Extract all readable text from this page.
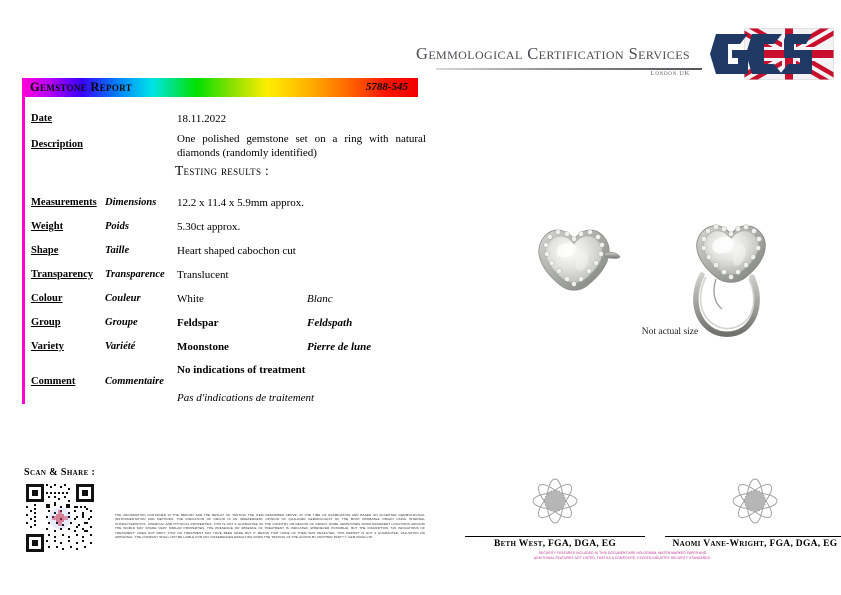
Gemmological Certification Services
London UK
Gemstone Report	5788-545
Date	18.11.2022
Description	One polished gemstone set on a ring with natural diamonds (randomly identified)
Testing results :
Measurements Dimensions 12.2 x 11.4 x 5.9mm approx.
Weight	Poids	5.30ct approx.
Shape	Taille	Heart shaped cabochon cut
Transparency Transparence Translucent
Colour	Couleur	White	Blanc
Group	Groupe	Feldspar	Feldspath
Variety	Variété	Moonstone	Pierre de lune
Comment	Commentaire
No indications of treatment
Pas d'indications de traitement
Not actual size
Scan & Share :
THE INFORMATION CONTAINED IN THE REPORT ARE THE RESULT OF TESTING THE ITEM DESCRIBED ABOVE, AT THE TIME OF EXAMINATION AND BASED ON ACCEPTED GEMMOLOGICAL INSTRUMENTATION AND METHODS. THE INDICATION OF ORIGIN IS AN INDEPENDENT OPINION OF QUALIFIED GEMMOLOGIST OF THE MOST PROBABLE ORIGIN USING INTERNAL CHARACTERISTICS, CHEMICAL AND PHYSICAL PROPERTIES. THIS IS NOT A GUARANTEE OF THE COUNTRY OR REGION OF ORIGIN. SOME GEMSTONES FROM DIFFERENT LOCATIONS AROUND THE WORLD MAY SHARE VERY SIMILAR PROPERTIES. THE PRESENCE OR ABSENCE OF TREATMENT IS INDICATED (WHENEVER POSSIBLE), BUT THE INSCRIPTION "NO INDICATIONS OF TREATMENT" DOES NOT IMPLY THAT NO TREATMENT MAY HAVE BEEN MADE BUT IT MEANS THAT NONE OF THEM WAS DETECTED. THIS REPORT IS NOT A GUARANTEE, VALUATION OR APPRAISAL. THE COMPANY SHALL NOT BE LIABLE FOR ANY DIFFERENCES RESULTING FROM THE TESTING OF THE GOODS BY ANOTHER PARTY.© GEM ROAD LTD
Beth West, FGA, DGA, EG	Naomi Vane-Wright, FGA, DGA, EG
SECURITY FEATURES INCLUDED IN THIS DOCUMENT ARE HOLOGRAM, WATER MARKED PAPER AND ADDITIONAL FEATURES NOT LISTED, THAT AS A COMPOSITE, EXCEED INDUSTRY SECURITY STANDARDS.
